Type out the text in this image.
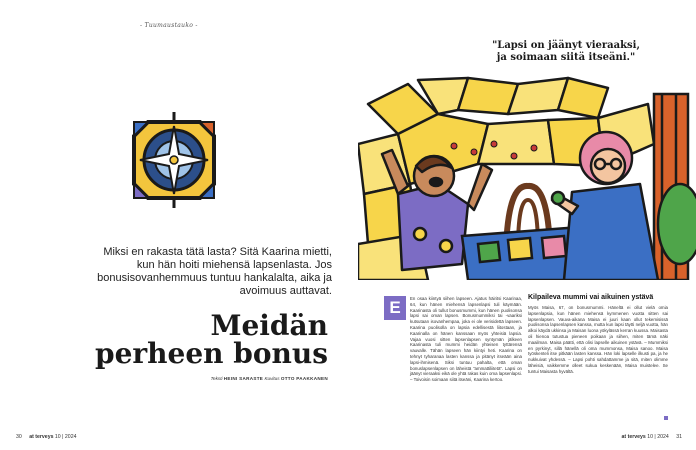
- Tuumaustauko -
Miksi en rakasta tätä lasta? Sitä Kaarina mietti, kun hän hoiti miehensä lapsenlasta. Jos bonusisovanhemmuus tuntuu hankalalta, aika ja avoimuus auttavat.
Meidän
perheen bonus
Teksti HEINI SARASTE Kuvitus OTTO PAAKKANEN
30 at terveys 10 | 2024
"Lapsi on jäänyt vieraaksi,
ja soimaan siitä itseäni."
E	En osaa kiintyä siihen lapseen. Ajatus häiritsi Kaarinaa, 64, kun hänen miehensä lapsenlapsi tuli käymään. Kaarinasta oli tullut bonusmummi, kun hänen puolisonsa lapsi sai oman lapsen. Bonusmummiksi tai -vaariksi kutsutaan isovanhempaa, joka ei ole verisidettä lapseen. Kaarina puolisolla on lapsia edellisestä liitostaan, ja Kaarinalla on hänen kanssaan myös yhteisiä lapsia. Vajaa vuosi sitten lapsenlapsen syntymän jälkeen Kaarinasta tuli mummi heidän yhteisen tyttärensä vauvalle. Tähän lapseen hän kiintyi heti. Kaarina on tehnyt tyharanaa lasten kanssa ja pitänyt itseään aina lapsi-ihmisenä. Siksi tuntuu pahalta, että oman bonuslapsenlapsen on läheistä "ammattiliitetä". Lapsi on jäänyt vieraaksi eikä ole yhtä rakas kuin oma lapsenlapsi. – Toivoisin soimaan siitä itseäni, Kaarina kertoo.

Kilpaileva mummi vai aikuinen ystävä

Myös Maisa, 67, on bonusmummi. Häneltä ei ollut vielä omia lapsenlapsia, kun hänen miehensä kymmenen vuotta sitten sai lapsenlapsen. Vauva-aikana Maisa ei juuri kaan ollut tekemisissä puolisonsa lapsenlapsen kanssa, mutta kun lapsi täytti neljä vuotta, hän alkoi käydä ukkinsa ja Maisan luona yökylässä kerran kuussa. Maisasta oli hienoa tutustua pieneen poikaan ja siihen, miten tämä näki maailman. Maisa päätti, että olisi lapselle aikuinen ystävä. – Mummiksi en pyrkinyt, sillä hänellä oli oma mummonsa, Maisa sanoo. Maisa työskenteli itse pitkään lasten kanssa. Hän loki lapselle ilkusti pa, ja he nukkuivat yhdessä. – Lapsi pohti sahdattamme ja sitä, miten olimme läheisiä, vaikkemme olleet sukua keskenään, Maisa muistelee. Se tuntui Maisasta hyvältä.

at terveys 10 | 2024 31
